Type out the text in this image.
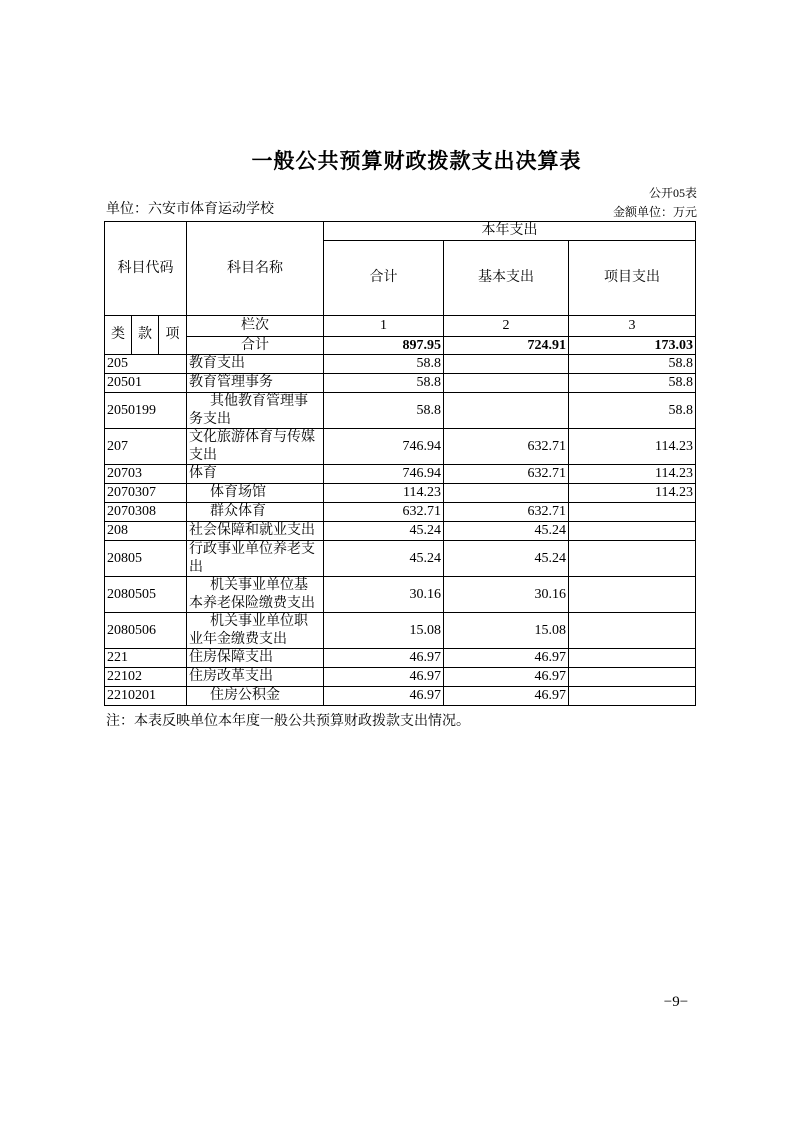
一般公共预算财政拨款支出决算表
公开05表
单位：六安市体育运动学校	金额单位：万元
科目代码			科目名称	本年支出		
				合计	基本支出	项目支出
类	款	项	栏次	1	2	3
			合计	897.95	724.91	173.03
205			教育支出	58.8		58.8
20501			教育管理事务	58.8		58.8
2050199			其他教育管理事务支出	58.8		58.8
207			文化旅游体育与传媒支出	746.94	632.71	114.23
20703			体育	746.94	632.71	114.23
2070307			体育场馆	114.23		114.23
2070308			群众体育	632.71	632.71	
208			社会保障和就业支出	45.24	45.24	
20805			行政事业单位养老支出	45.24	45.24	
2080505			机关事业单位基本养老保险缴费支出	30.16	30.16	
2080506			机关事业单位职业年金缴费支出	15.08	15.08	
221			住房保障支出	46.97	46.97	
22102			住房改革支出	46.97	46.97	
2210201			住房公积金	46.97	46.97	
注：本表反映单位本年度一般公共预算财政拨款支出情况。
−9−
